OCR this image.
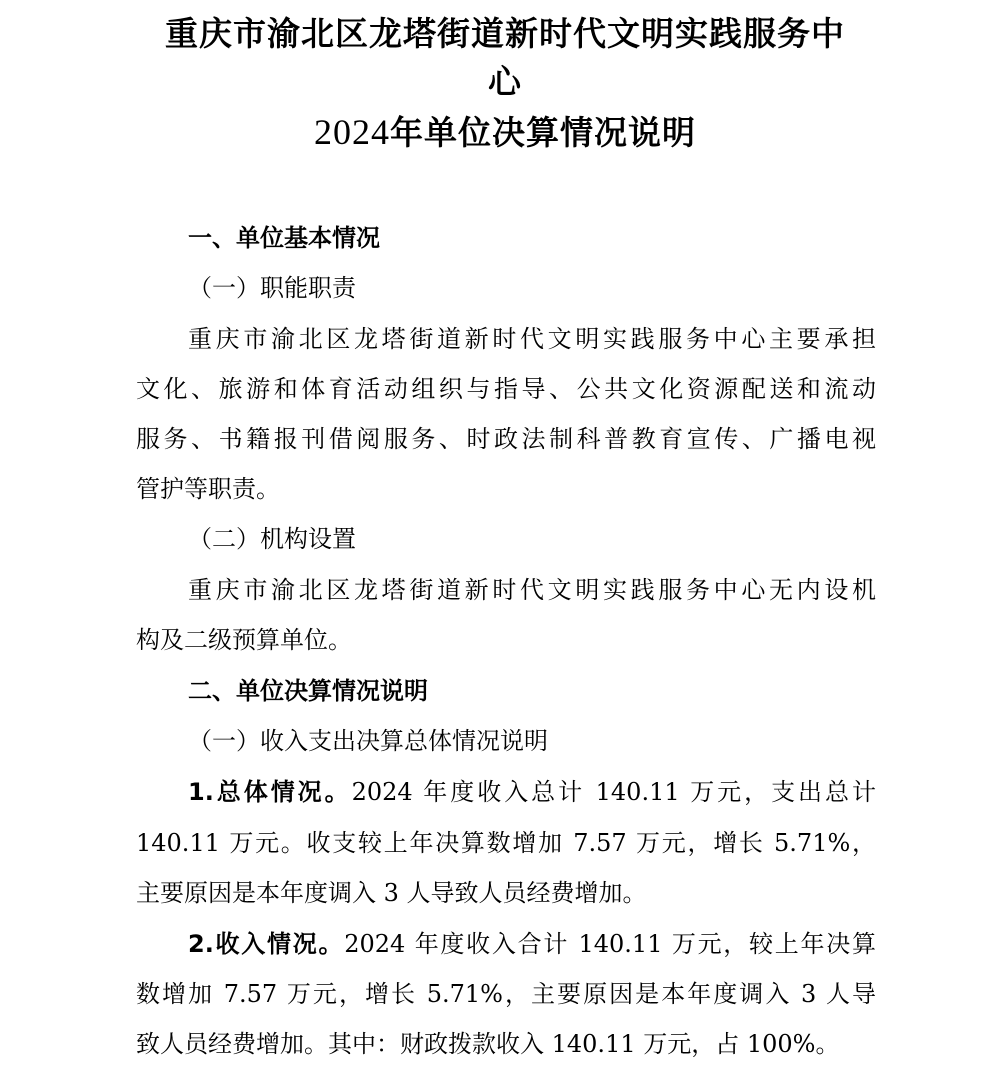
重庆市渝北区龙塔街道新时代文明实践服务中
心
2024年单位决算情况说明
一、单位基本情况
（一）职能职责
重庆市渝北区龙塔街道新时代文明实践服务中心主要承担
文化、旅游和体育活动组织与指导、公共文化资源配送和流动
服务、书籍报刊借阅服务、时政法制科普教育宣传、广播电视
管护等职责。
（二）机构设置
重庆市渝北区龙塔街道新时代文明实践服务中心无内设机
构及二级预算单位。
二、单位决算情况说明
（一）收入支出决算总体情况说明
1.总体情况。2024 年度收入总计 140.11 万元，支出总计
140.11 万元。收支较上年决算数增加 7.57 万元，增长 5.71%，
主要原因是本年度调入 3 人导致人员经费增加。
2.收入情况。2024 年度收入合计 140.11 万元，较上年决算
数增加 7.57 万元，增长 5.71%，主要原因是本年度调入 3 人导
致人员经费增加。其中：财政拨款收入 140.11 万元，占 100%。
